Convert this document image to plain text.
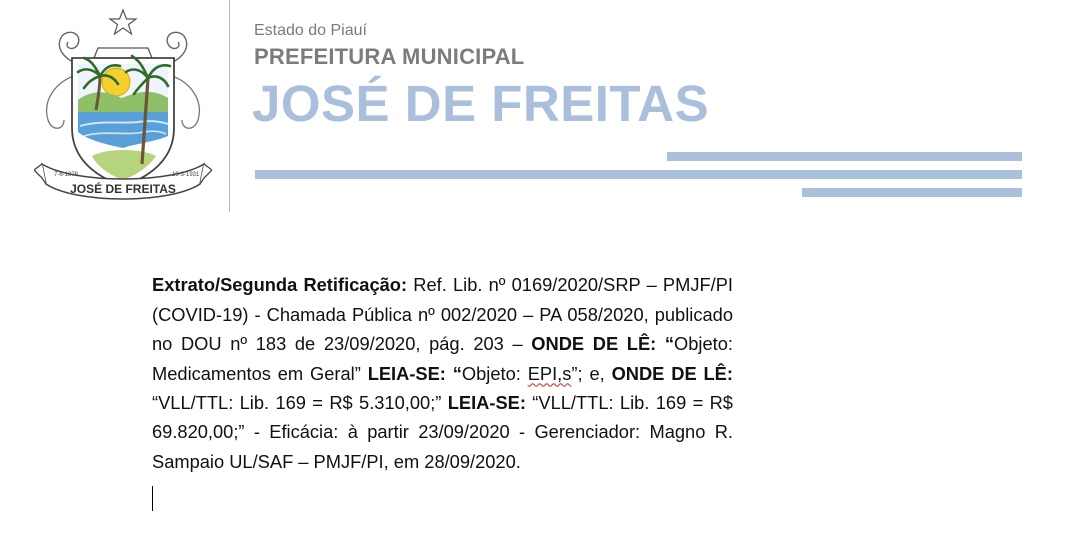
7-6-1878	19-3-1931
JOSÉ DE FREITAS
Estado do Piauí
PREFEITURA MUNICIPAL
JOSÉ DE FREITAS

Extrato/Segunda Retificação: Ref. Lib. nº 0169/2020/SRP – PMJF/PI (COVID-19) - Chamada Pública nº 002/2020 – PA 058/2020, publicado no DOU nº 183 de 23/09/2020, pág. 203 – ONDE DE LÊ: “Objeto: Medicamentos em Geral” LEIA-SE: “Objeto: EPI,s”; e, ONDE DE LÊ: “VLL/TTL: Lib. 169 = R$ 5.310,00;” LEIA-SE: “VLL/TTL: Lib. 169 = R$ 69.820,00;” - Eficácia: à partir 23/09/2020 - Gerenciador: Magno R. Sampaio UL/SAF – PMJF/PI, em 28/09/2020.
